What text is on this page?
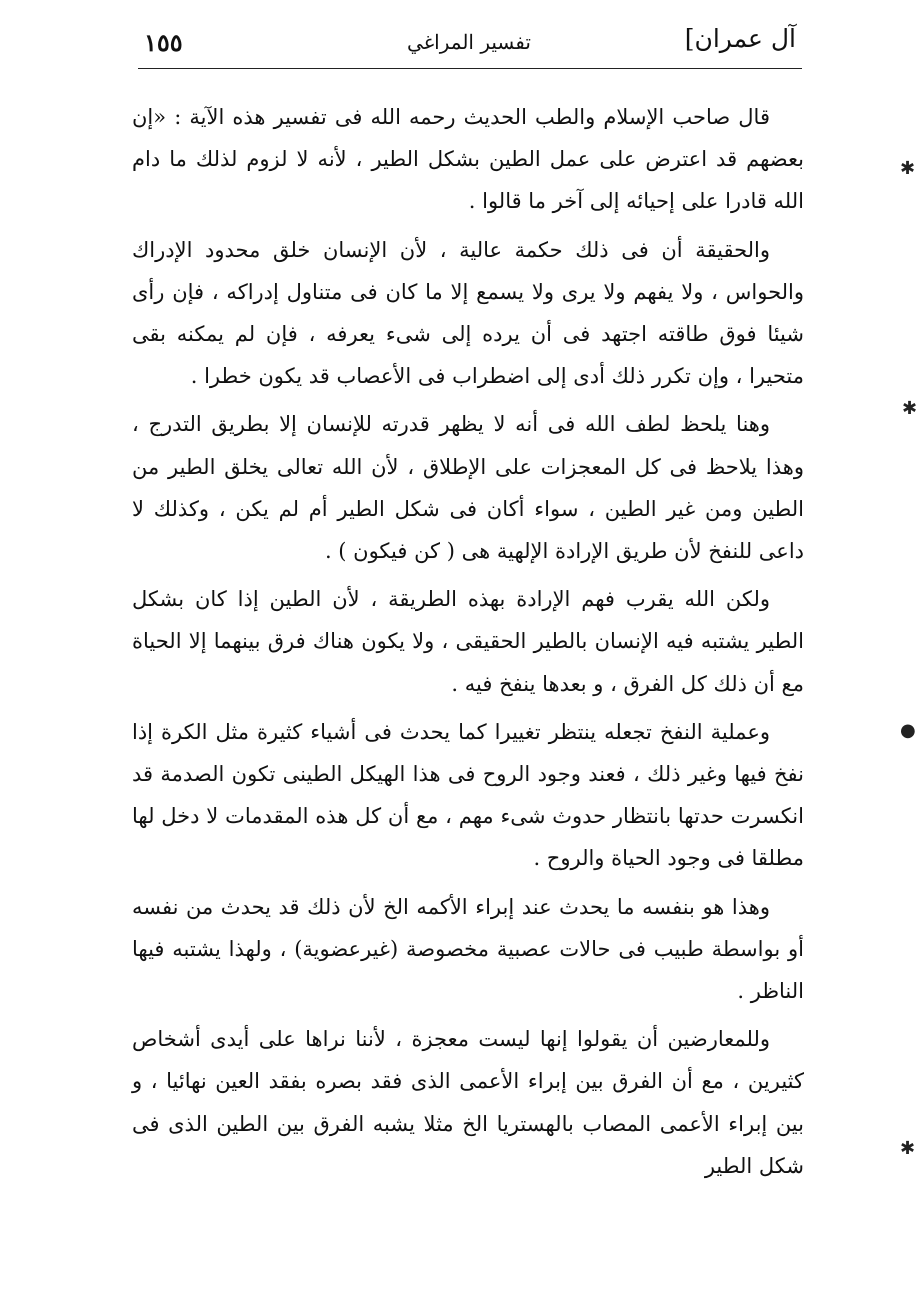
١٥٥	تفسير المراغي	آل عمران]

قال صاحب الإسلام والطب الحديث رحمه الله فى تفسير هذه الآية : «إن بعضهم قد اعترض على عمل الطين بشكل الطير ، لأنه لا لزوم لذلك ما دام الله قادرا على إحيائه إلى آخر ما قالوا .

والحقيقة أن فى ذلك حكمة عالية ، لأن الإنسان خلق محدود الإدراك والحواس ، ولا يفهم ولا يرى ولا يسمع إلا ما كان فى متناول إدراكه ، فإن رأى شيئا فوق طاقته اجتهد فى أن يرده إلى شىء يعرفه ، فإن لم يمكنه بقى متحيرا ، وإن تكرر ذلك أدى إلى اضطراب فى الأعصاب قد يكون خطرا .

وهنا يلحظ لطف الله فى أنه لا يظهر قدرته للإنسان إلا بطريق التدرج ، وهذا يلاحظ فى كل المعجزات على الإطلاق ، لأن الله تعالى يخلق الطير من الطين ومن غير الطين ، سواء أكان فى شكل الطير أم لم يكن ، وكذلك لا داعى للنفخ لأن طريق الإرادة الإلهية هى ( كن فيكون ) .

ولكن الله يقرب فهم الإرادة بهذه الطريقة ، لأن الطين إذا كان بشكل الطير يشتبه فيه الإنسان بالطير الحقيقى ، ولا يكون هناك فرق بينهما إلا الحياة مع أن ذلك كل الفرق ، و بعدها ينفخ فيه .

وعملية النفخ تجعله ينتظر تغييرا كما يحدث فى أشياء كثيرة مثل الكرة إذا نفخ فيها وغير ذلك ، فعند وجود الروح فى هذا الهيكل الطينى تكون الصدمة قد انكسرت حدتها بانتظار حدوث شىء مهم ، مع أن كل هذه المقدمات لا دخل لها مطلقا فى وجود الحياة والروح .

وهذا هو بنفسه ما يحدث عند إبراء الأكمه الخ لأن ذلك قد يحدث من نفسه أو بواسطة طبيب فى حالات عصبية مخصوصة (غيرعضوية) ، ولهذا يشتبه فيها الناظر .

وللمعارضين أن يقولوا إنها ليست معجزة ، لأننا نراها على أيدى أشخاص كثيرين ، مع أن الفرق بين إبراء الأعمى الذى فقد بصره بفقد العين نهائيا ، و بين إبراء الأعمى المصاب بالهستريا الخ مثلا يشبه الفرق بين الطين الذى فى شكل الطير

✱
✱
●
✱
